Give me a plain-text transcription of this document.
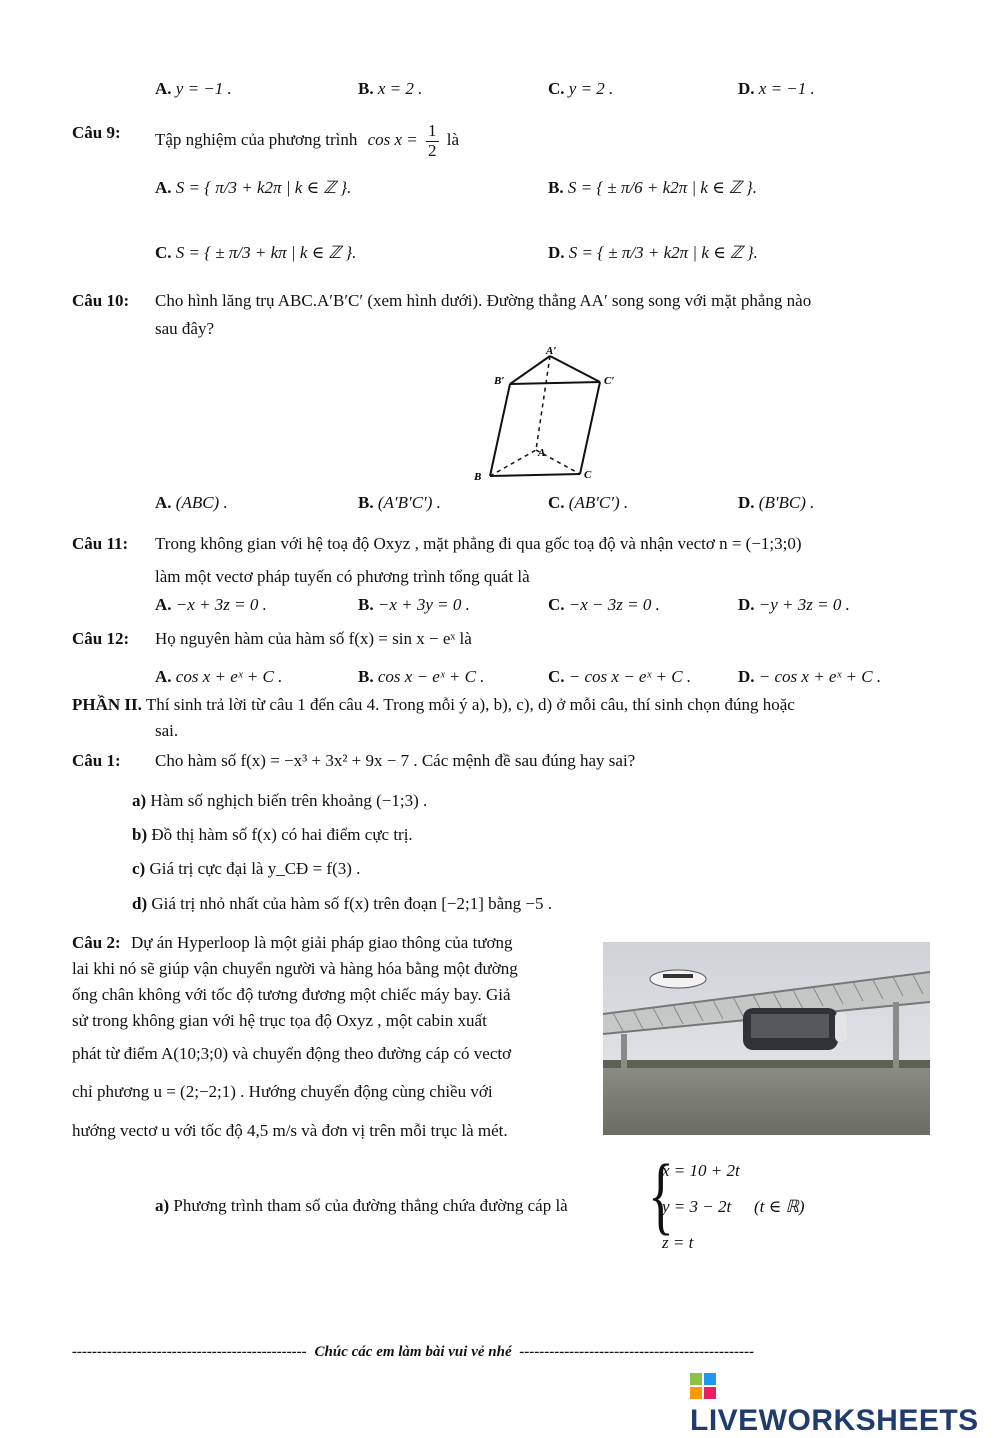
A. y = −1 .	B. x = 2 .	C. y = 2 .	D. x = −1 .
Câu 9: Tập nghiệm của phương trình $\cos x = \frac{1}{2}$ là
A. S = { π/3 + k2π | k ∈ ℤ }.	B. S = { ± π/6 + k2π | k ∈ ℤ }.
C. S = { ± π/3 + kπ | k ∈ ℤ }.	D. S = { ± π/3 + k2π | k ∈ ℤ }.
Câu 10: Cho hình lăng trụ ABC.A′B′C′ (xem hình dưới). Đường thẳng AA′ song song với mặt phẳng nào
sau đây?
A′
B′	C′
A
B	C
A. (ABC) .	B. (A′B′C′) .	C. (AB′C′) .	D. (B′BC) .
Câu 11: Trong không gian với hệ toạ độ Oxyz , mặt phẳng đi qua gốc toạ độ và nhận vectơ n = (−1;3;0)
làm một vectơ pháp tuyến có phương trình tổng quát là
A. −x + 3z = 0 .	B. −x + 3y = 0 .	C. −x − 3z = 0 .	D. −y + 3z = 0 .
Câu 12: Họ nguyên hàm của hàm số f(x) = sin x − eˣ là
A. cos x + eˣ + C .	B. cos x − eˣ + C .	C. − cos x − eˣ + C .	D. − cos x + eˣ + C .
PHẦN II. Thí sinh trả lời từ câu 1 đến câu 4. Trong mỗi ý a), b), c), d) ở mỗi câu, thí sinh chọn đúng hoặc
sai.
Câu 1: Cho hàm số f(x) = −x³ + 3x² + 9x − 7 . Các mệnh đề sau đúng hay sai?
a) Hàm số nghịch biến trên khoảng (−1;3) .
b) Đồ thị hàm số f(x) có hai điểm cực trị.
c) Giá trị cực đại là y_CĐ = f(3) .
d) Giá trị nhỏ nhất của hàm số f(x) trên đoạn [−2;1] bằng −5 .
Câu 2: Dự án Hyperloop là một giải pháp giao thông của tương
lai khi nó sẽ giúp vận chuyển người và hàng hóa bằng một đường
ống chân không với tốc độ tương đương một chiếc máy bay. Giả
sử trong không gian với hệ trục tọa độ Oxyz , một cabin xuất
phát từ điểm A(10;3;0) và chuyển động theo đường cáp có vectơ
chỉ phương u = (2;−2;1) . Hướng chuyển động cùng chiều với
hướng vectơ u với tốc độ 4,5 m/s và đơn vị trên mỗi trục là mét.
a) Phương trình tham số của đường thẳng chứa đường cáp là {
x = 10 + 2t
y = 3 − 2t
z = t
(t ∈ ℝ)
----------------------------------------------- Chúc các em làm bài vui vẻ nhé -----------------------------------------------
LIVEWORKSHEETS
